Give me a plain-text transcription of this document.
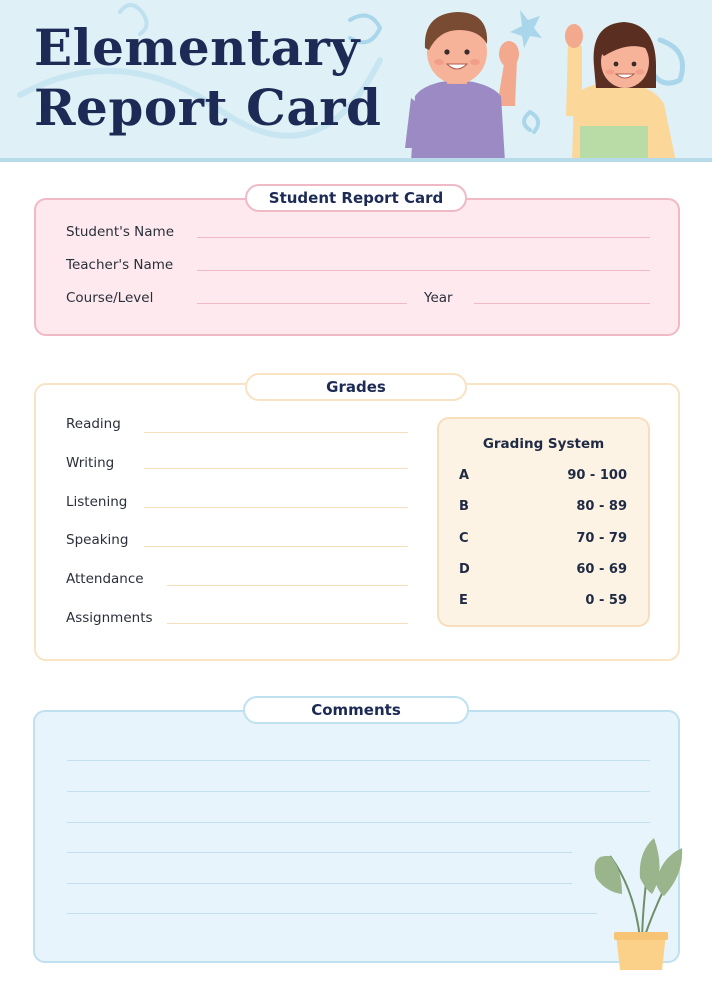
Elementary
Report Card
Student Report Card
Student's Name
Teacher's Name
Course/Level	Year
Grades
Reading
Writing
Listening
Speaking
Attendance
Assignments
Grading System
A	90 - 100
B	80 - 89
C	70 - 79
D	60 - 69
E	0 - 59
Comments
